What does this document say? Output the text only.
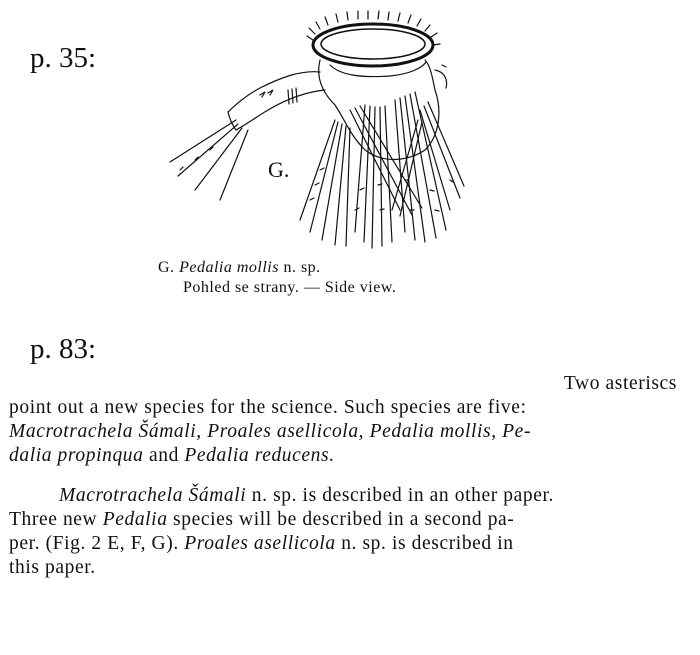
p. 35:
G.
G. Pedalia mollis n. sp.
Pohled se strany. — Side view.
p. 83:
Two asteriscs
point out a new species for the science. Such species are five:
Macrotrachela Šámali, Proales asellicola, Pedalia mollis, Pe-
dalia propinqua and Pedalia reducens.
Macrotrachela Šámali n. sp. is described in an other paper.
Three new Pedalia species will be described in a second pa-
per. (Fig. 2 E, F, G). Proales asellicola n. sp. is described in
this paper.
